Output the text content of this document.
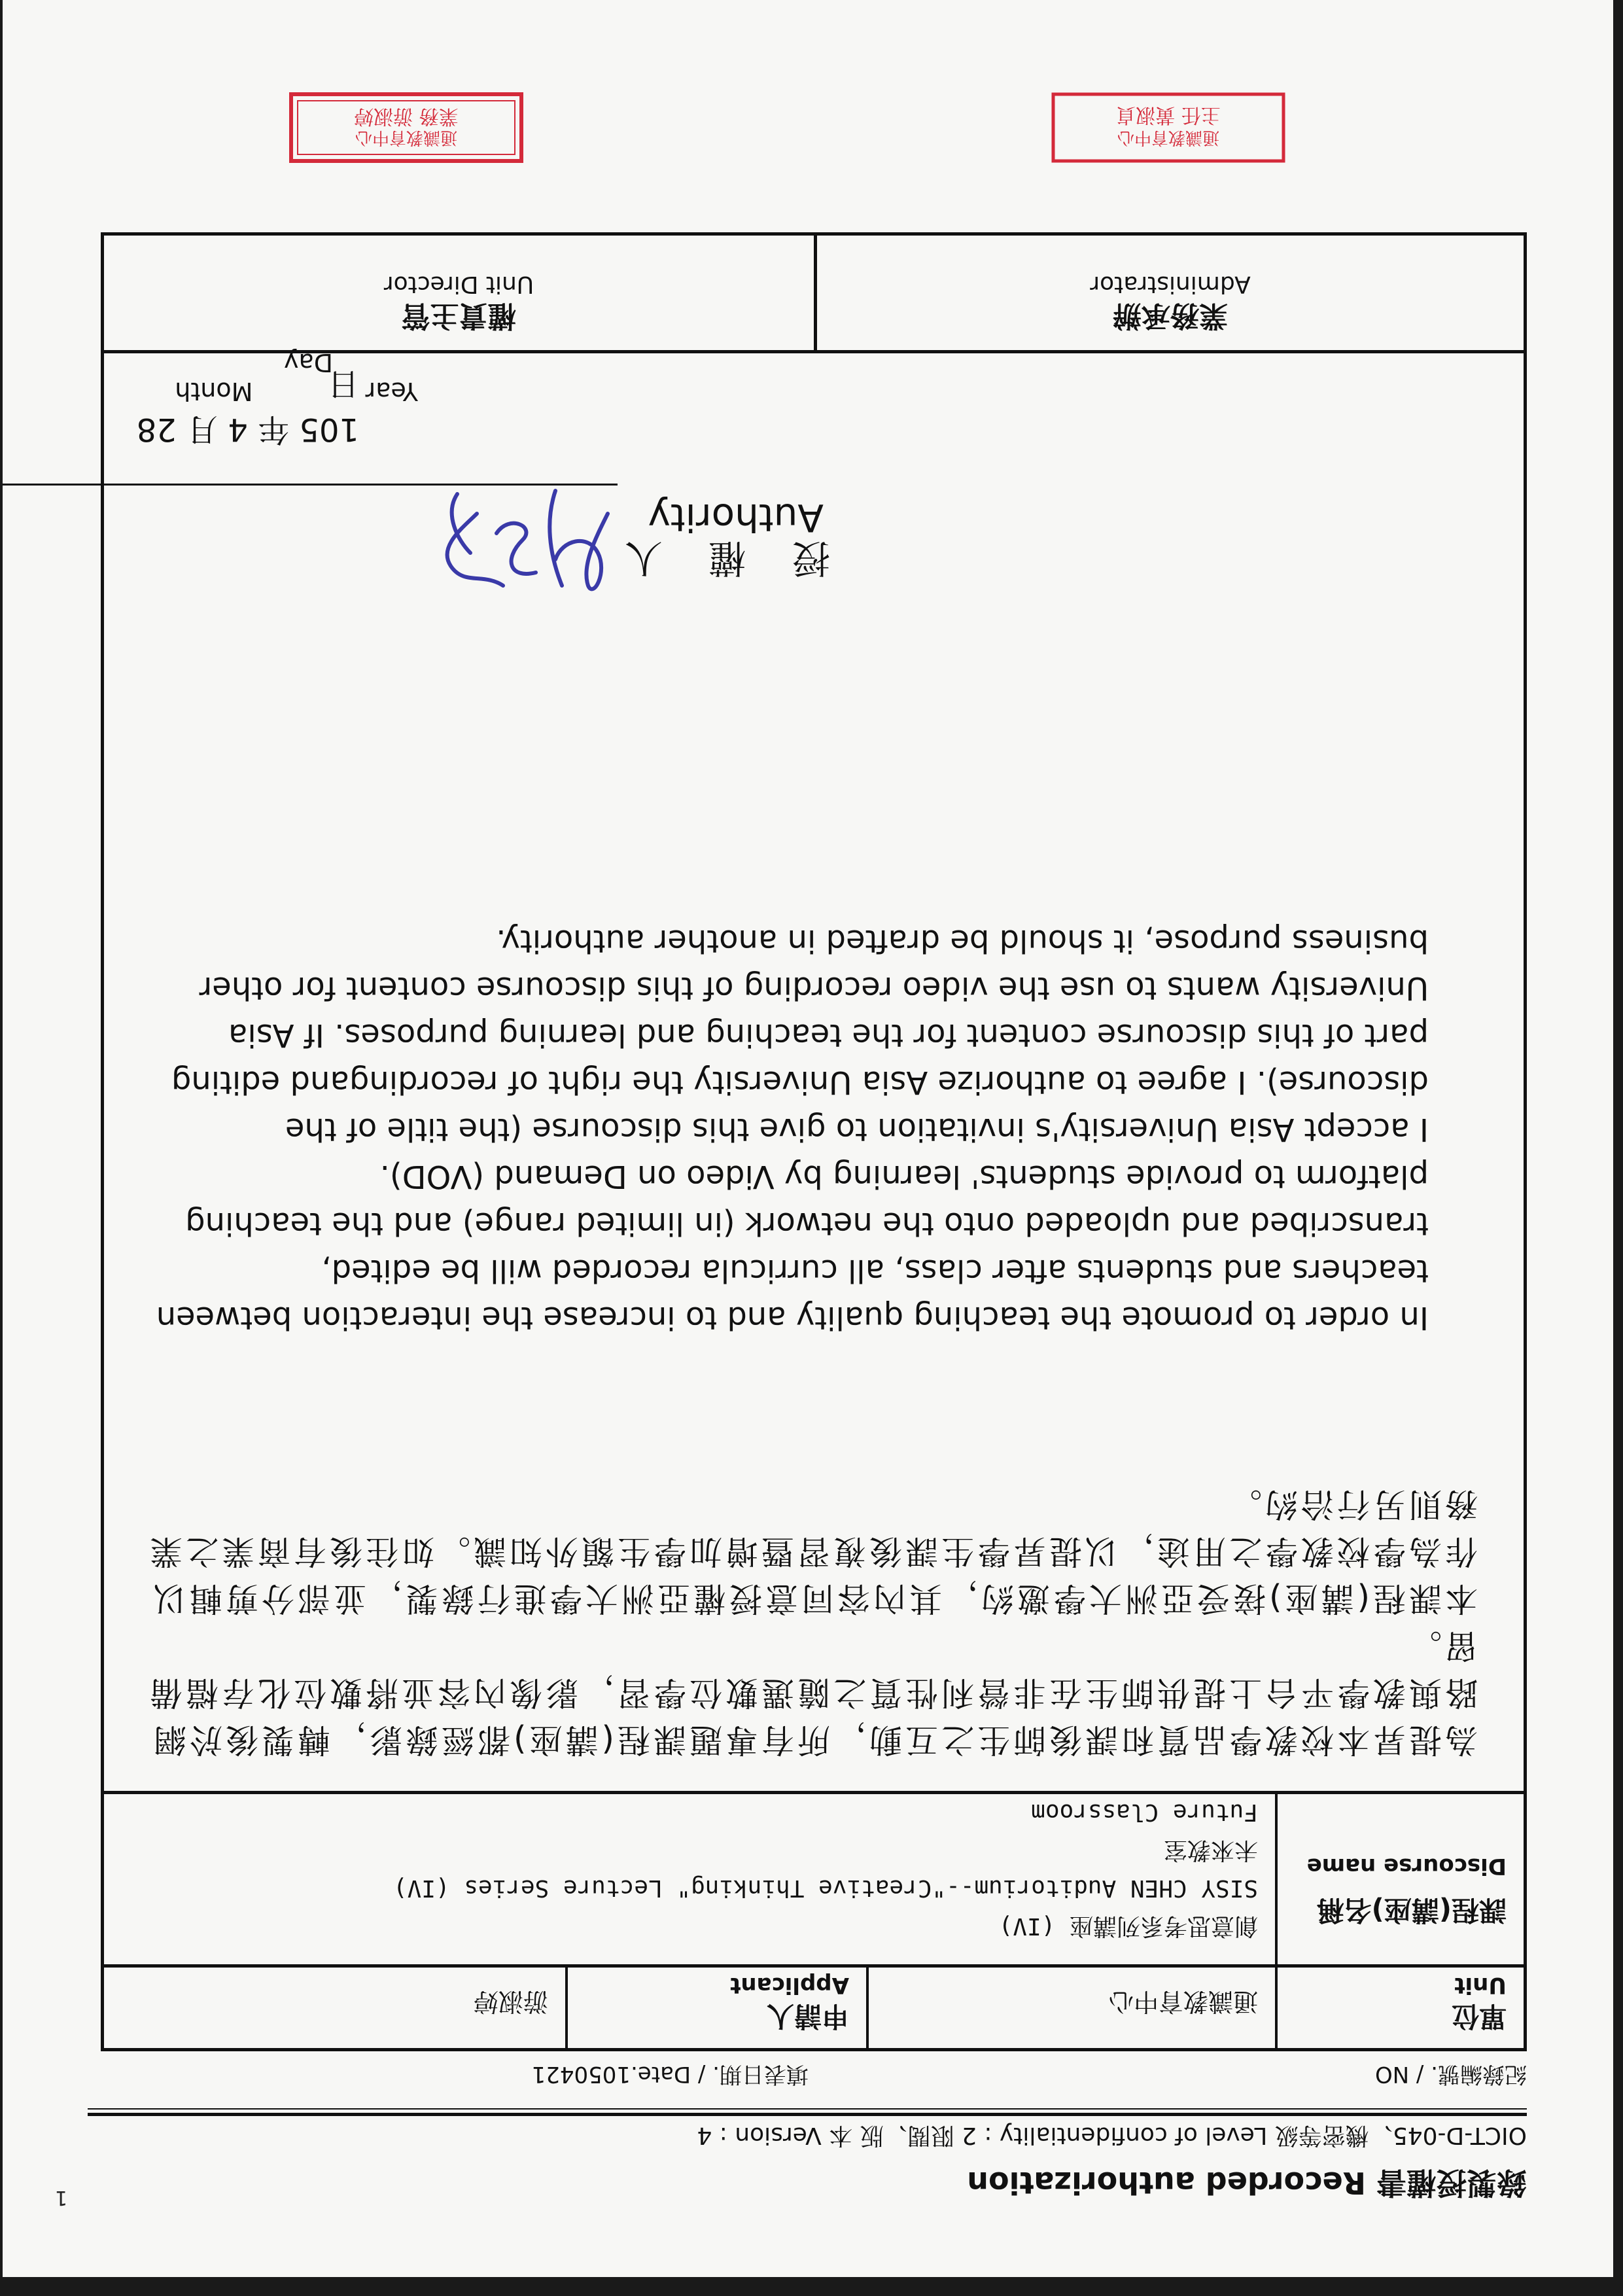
1	錄製授權書 Recorded authorization
OICT-D-045、機密等級 Level of confidentiality : 2 限閱、版 本 Version : 4
紀錄編號. / NO
填表日期. / Date.1050421
單位
Unit
通識教育中心
申請人
Applicant
游淑婷
課程(講座)名稱
Discourse name
創意思考系列講座 (IV)
SISY CHEN Auditorium--"Creative Thinking" Lecture Series (IV)
未來教室
Future Classroom

為提昇本校教學品質和課後師生之互動，所有專題課程(講座)都經錄影，轉製後於網路與教學平台上提供師生在非營利性質之隨選數位學習，影像內容並將數位化存檔備留。

本課程(講座)接受亞洲大學邀約，其內容同意授權亞洲大學進行錄製，並部分剪輯以作為學校教學之用途，以提昇學生課後複習暨增加學生額外知識。如往後有商業之業務則另行洽約。

In order to promote the teaching quality and to increase the interaction between teachers and students after class, all curricula recorded will be edited, transcribed and uploaded onto the network (in limited range) and the teaching platform to provide students' learning by Video on Demand (VOD).

I accept Asia University's invitation to give this discourse (the title of the discourse). I agree to authorize Asia University the right of recordingand editing part of this discourse content for the teaching and learning purposes. If Asia University wants to use the video recording of this discourse content for other business purpose, it should be drafted in another authority.

授權人
Authority
105 年 4 月 28 日 Year Month Day
業務承辦
Administrator
權責主管
Unit Director
通識教育中心
業務 游淑婷
通識教育中心
主任 黃淑貞
